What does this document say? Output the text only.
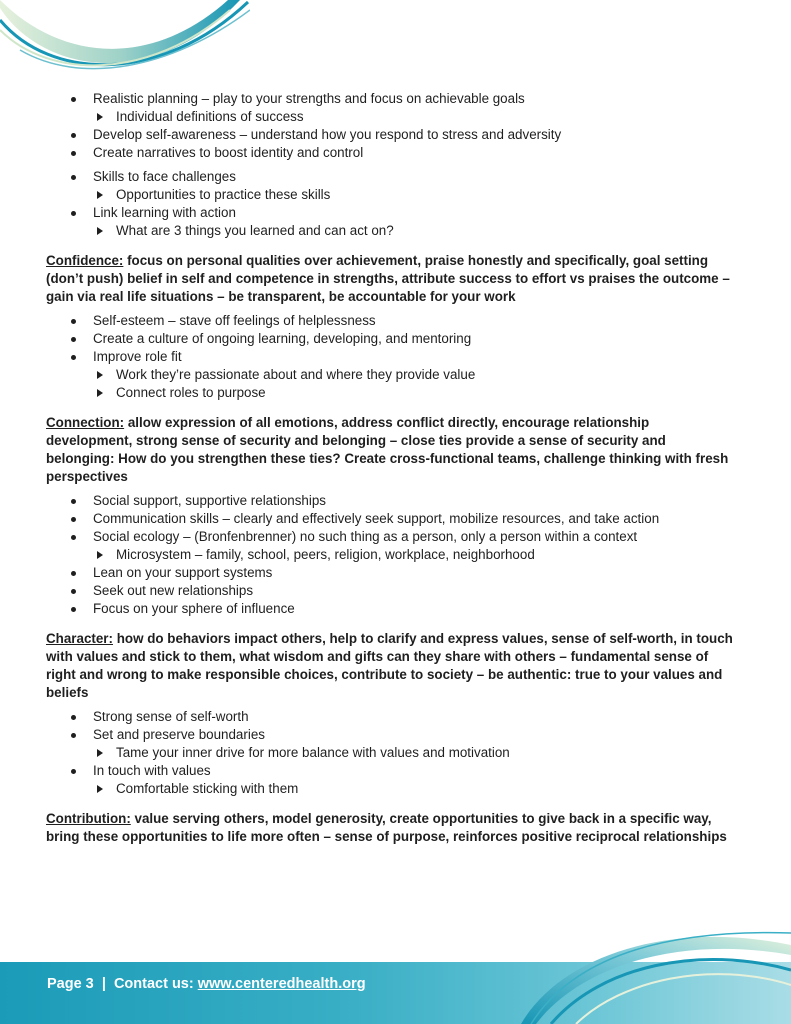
Realistic planning – play to your strengths and focus on achievable goals
Individual definitions of success
Develop self-awareness – understand how you respond to stress and adversity
Create narratives to boost identity and control
Skills to face challenges
Opportunities to practice these skills
Link learning with action
What are 3 things you learned and can act on?

Confidence: focus on personal qualities over achievement, praise honestly and specifically, goal setting (don’t push) belief in self and competence in strengths, attribute success to effort vs praises the outcome – gain via real life situations – be transparent, be accountable for your work

Self-esteem – stave off feelings of helplessness
Create a culture of ongoing learning, developing, and mentoring
Improve role fit
Work they’re passionate about and where they provide value
Connect roles to purpose

Connection: allow expression of all emotions, address conflict directly, encourage relationship development, strong sense of security and belonging – close ties provide a sense of security and belonging: How do you strengthen these ties? Create cross-functional teams, challenge thinking with fresh perspectives

Social support, supportive relationships
Communication skills – clearly and effectively seek support, mobilize resources, and take action
Social ecology – (Bronfenbrenner) no such thing as a person, only a person within a context
Microsystem – family, school, peers, religion, workplace, neighborhood
Lean on your support systems
Seek out new relationships
Focus on your sphere of influence

Character: how do behaviors impact others, help to clarify and express values, sense of self-worth, in touch with values and stick to them, what wisdom and gifts can they share with others – fundamental sense of right and wrong to make responsible choices, contribute to society – be authentic: true to your values and beliefs

Strong sense of self-worth
Set and preserve boundaries
Tame your inner drive for more balance with values and motivation
In touch with values
Comfortable sticking with them

Contribution: value serving others, model generosity, create opportunities to give back in a specific way, bring these opportunities to life more often – sense of purpose, reinforces positive reciprocal relationships

Page 3 | Contact us: www.centeredhealth.org
